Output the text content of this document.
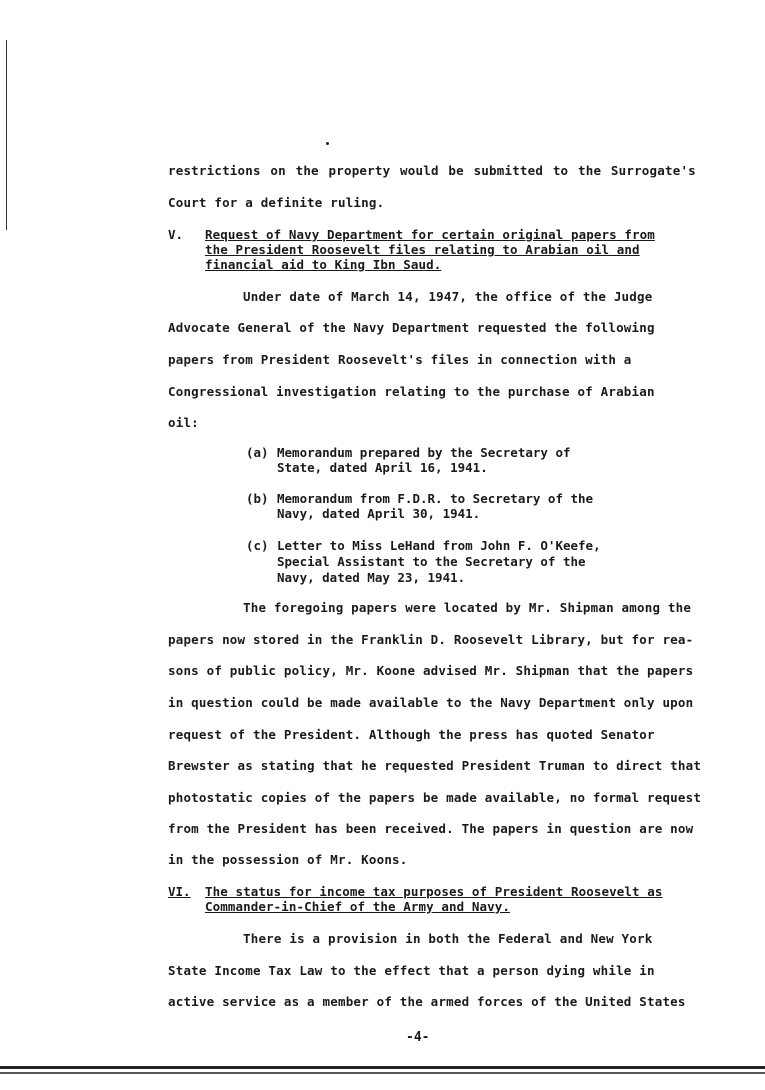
restrictions on the property would be submitted to the Surrogate's
Court for a definite ruling.
V. Request of Navy Department for certain original papers from
the President Roosevelt files relating to Arabian oil and
financial aid to King Ibn Saud.
Under date of March 14, 1947, the office of the Judge
Advocate General of the Navy Department requested the following
papers from President Roosevelt's files in connection with a
Congressional investigation relating to the purchase of Arabian
oil:
(a) Memorandum prepared by the Secretary of
State, dated April 16, 1941.
(b) Memorandum from F.D.R. to Secretary of the
Navy, dated April 30, 1941.
(c) Letter to Miss LeHand from John F. O'Keefe,
Special Assistant to the Secretary of the
Navy, dated May 23, 1941.
The foregoing papers were located by Mr. Shipman among the
papers now stored in the Franklin D. Roosevelt Library, but for rea-
sons of public policy, Mr. Koone advised Mr. Shipman that the papers
in question could be made available to the Navy Department only upon
request of the President. Although the press has quoted Senator
Brewster as stating that he requested President Truman to direct that
photostatic copies of the papers be made available, no formal request
from the President has been received. The papers in question are now
in the possession of Mr. Koons.
VI. The status for income tax purposes of President Roosevelt as
Commander-in-Chief of the Army and Navy.
There is a provision in both the Federal and New York
State Income Tax Law to the effect that a person dying while in
active service as a member of the armed forces of the United States
-4-
